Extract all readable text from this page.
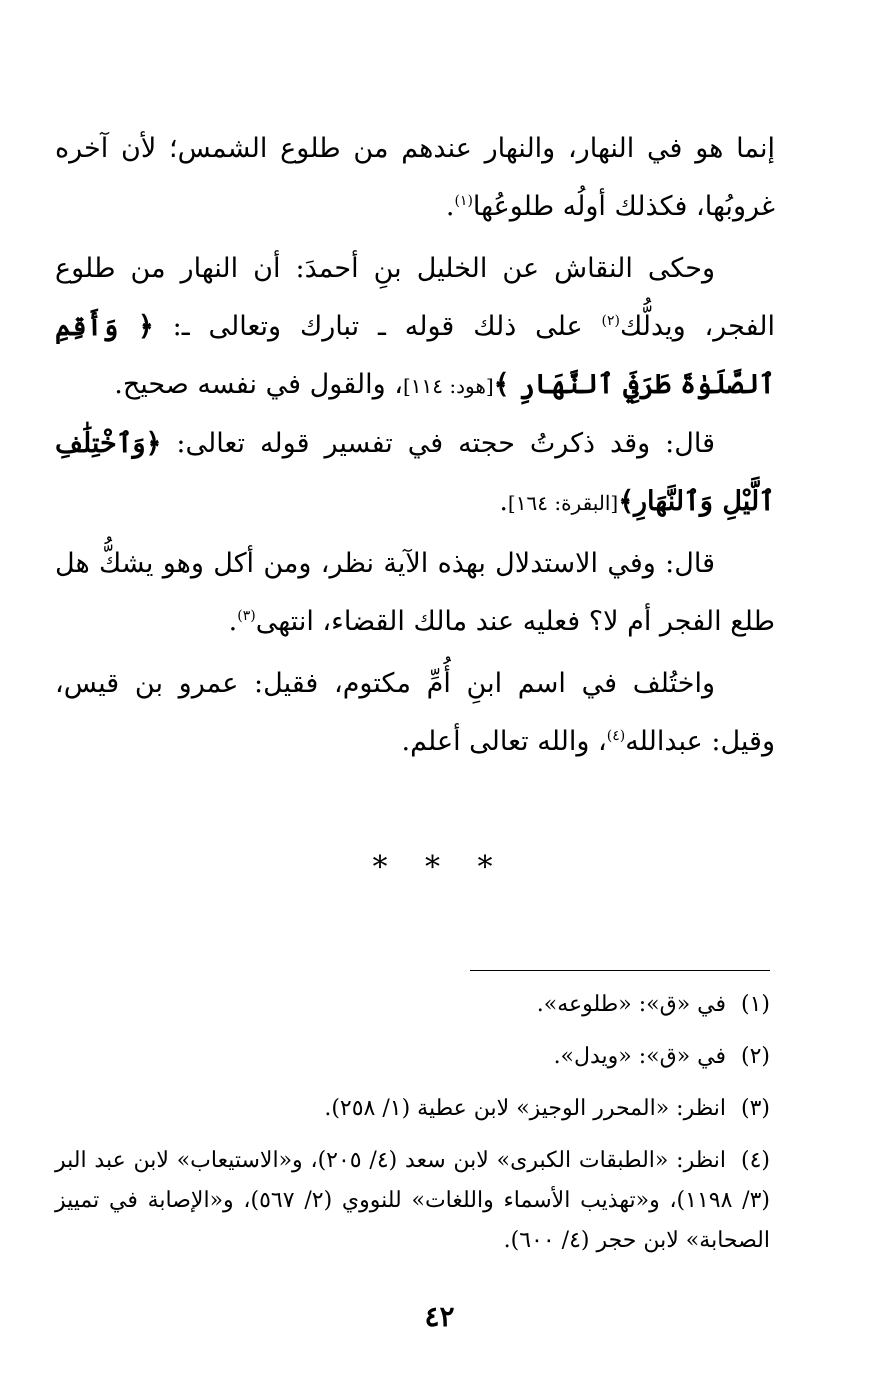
إنما هو في النهار، والنهار عندهم من طلوع الشمس؛ لأن آخره غروبُها، فكذلك أولُه طلوعُها$^{(١)}$.

وحكى النقاش عن الخليل بنِ أحمدَ: أن النهار من طلوع الفجر، ويدلُّك$^{(٢)}$ على ذلك قوله ـ تبارك وتعالى ـ: ﴿ وَأَقِمِ ٱلصَّلَوٰةَ طَرَفَيِ ٱلنَّهَارِ ﴾[هود: ١١٤]، والقول في نفسه صحيح.

قال: وقد ذكرتُ حجته في تفسير قوله تعالى: ﴿وَٱخْتِلَٰفِ ٱلَّيْلِ وَٱلنَّهَارِ﴾[البقرة: ١٦٤].

قال: وفي الاستدلال بهذه الآية نظر، ومن أكل وهو يشكُّ هل طلع الفجر أم لا؟ فعليه عند مالك القضاء، انتهى$^{(٣)}$.

واختُلف في اسم ابنِ أُمِّ مكتوم، فقيل: عمرو بن قيس، وقيل: عبدالله$^{(٤)}$، والله تعالى أعلم.

* * *

(١)في «ق»: «طلوعه».

(٢)في «ق»: «ويدل».

(٣)انظر: «المحرر الوجيز» لابن عطية (١/ ٢٥٨).

(٤)انظر: «الطبقات الكبرى» لابن سعد (٤/ ٢٠٥)، و«الاستيعاب» لابن عبد البر (٣/ ١١٩٨)، و«تهذيب الأسماء واللغات» للنووي (٢/ ٥٦٧)، و«الإصابة في تمييز الصحابة» لابن حجر (٤/ ٦٠٠).

٤٢
